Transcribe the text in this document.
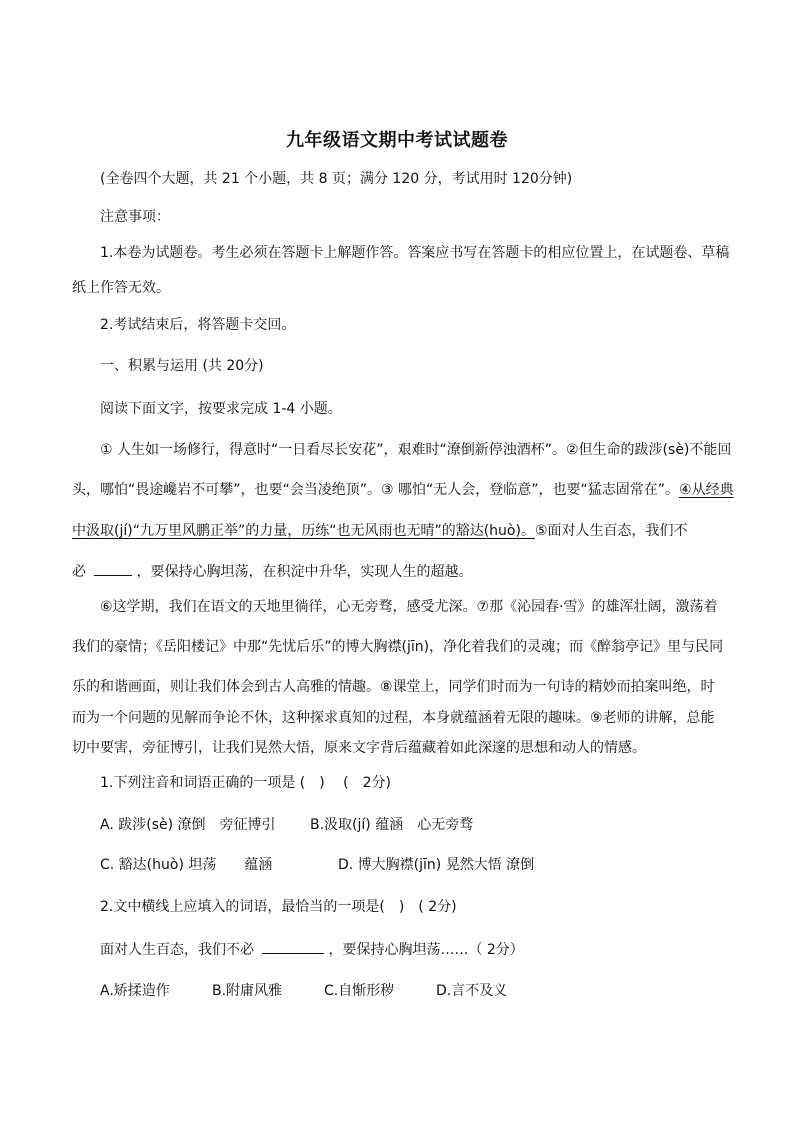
九年级语文期中考试试题卷
(全卷四个大题，共 21 个小题，共 8 页；满分 120 分，考试用时 120分钟)
注意事项：
1.本卷为试题卷。考生必须在答题卡上解题作答。答案应书写在答题卡的相应位置上，在试题卷、草稿
纸上作答无效。
2.考试结束后，将答题卡交回。
一、积累与运用 (共 20分)
阅读下面文字，按要求完成 1-4 小题。
① 人生如一场修行，得意时“一日看尽长安花”，艰难时“潦倒新停浊酒杯”。②但生命的跋涉(sè)不能回
头，哪怕“畏途巉岩不可攀”，也要“会当凌绝顶”。③ 哪怕“无人会，登临意”，也要“猛志固常在”。④从经典
中汲取(jí)“九万里风鹏正举”的力量，历练“也无风雨也无晴”的豁达(huò)。⑤面对人生百态，我们不
必	，要保持心胸坦荡，在积淀中升华，实现人生的超越。
⑥这学期，我们在语文的天地里徜徉，心无旁骛，感受尤深。⑦那《沁园春·雪》的雄浑壮阔，激荡着
我们的豪情；《岳阳楼记》中那“先忧后乐”的博大胸襟(jīn)，净化着我们的灵魂；而《醉翁亭记》里与民同
乐的和谐画面，则让我们体会到古人高雅的情趣。⑧课堂上，同学们时而为一句诗的精妙而拍案叫绝，时
而为一个问题的见解而争论不休，这种探求真知的过程，本身就蕴涵着无限的趣味。⑨老师的讲解，总能
切中要害，旁征博引，让我们晃然大悟，原来文字背后蕴藏着如此深邃的思想和动人的情感。
1.下列注音和词语正确的一项是 (　)　 (　2分)
A. 跋涉(sè) 潦倒　旁征博引 B.汲取(jí) 蕴涵　心无旁骛
C. 豁达(huò) 坦荡　　蕴涵	D. 博大胸襟(jīn) 晃然大悟 潦倒
2.文中横线上应填入的词语，最恰当的一项是(　)　( 2分)
面对人生百态，我们不必	，要保持心胸坦荡……（ 2分）
A.矫揉造作	B.附庸风雅	C.自惭形秽	D.言不及义
